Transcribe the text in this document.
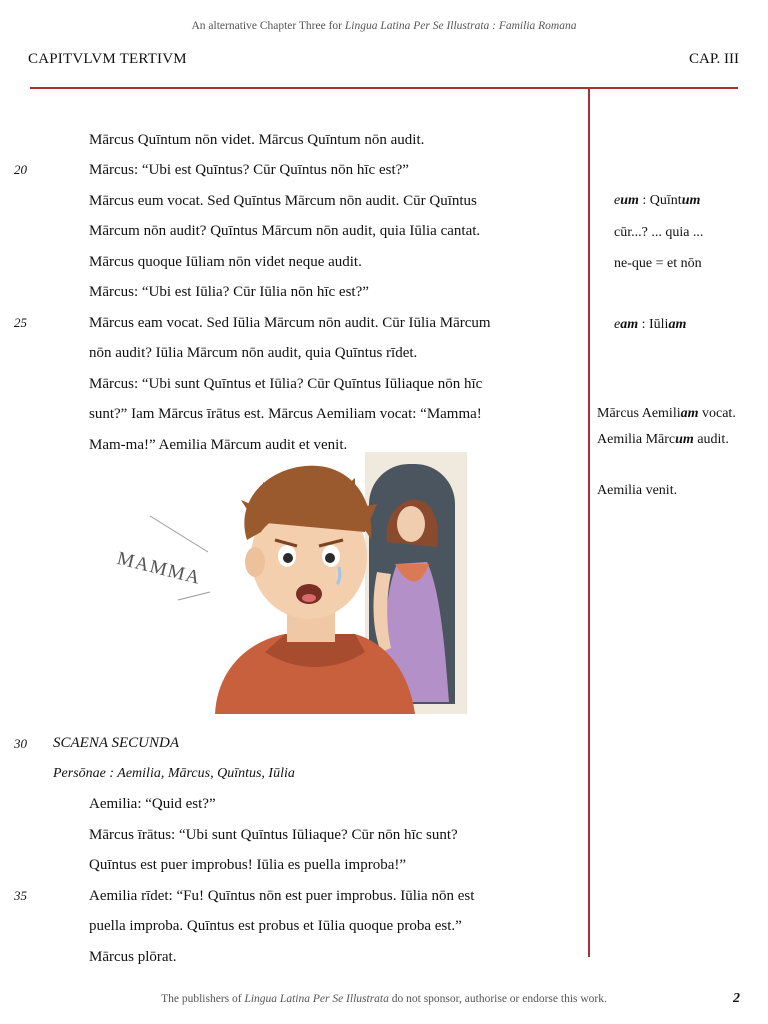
An alternative Chapter Three for Lingua Latina Per Se Illustrata : Familia Romana
CAPITVLVM TERTIVM	CAP. III
Mārcus Quīntum nōn videt. Mārcus Quīntum nōn audit.
20	Mārcus: “Ubi est Quīntus? Cūr Quīntus nōn hīc est?”
Mārcus eum vocat. Sed Quīntus Mārcum nōn audit. Cūr Quīntus
Mārcum nōn audit? Quīntus Mārcum nōn audit, quia Iūlia cantat.
Mārcus quoque Iūliam nōn videt neque audit.
Mārcus: “Ubi est Iūlia? Cūr Iūlia nōn hīc est?”
25	Mārcus eam vocat. Sed Iūlia Mārcum nōn audit. Cūr Iūlia Mārcum
nōn audit? Iūlia Mārcum nōn audit, quia Quīntus rīdet.
Mārcus: “Ubi sunt Quīntus et Iūlia? Cūr Quīntus Iūliaque nōn hīc
sunt?” Iam Mārcus īrātus est. Mārcus Aemiliam vocat: “Mamma!
Mam-ma!” Aemilia Mārcum audit et venit.
eum : Quīntum
cūr...? ... quia ...
ne-que = et nōn
eam : Iūliam
Mārcus Aemiliam vocat.
Aemilia Mārcum audit.
Aemilia venit.
MAMMA
30 SCAENA SECUNDA
Persōnae : Aemilia, Mārcus, Quīntus, Iūlia
Aemilia: “Quid est?”
Mārcus īrātus: “Ubi sunt Quīntus Iūliaque? Cūr nōn hīc sunt?
Quīntus est puer improbus! Iūlia es puella improba!”
35	Aemilia rīdet: “Fu! Quīntus nōn est puer improbus. Iūlia nōn est
puella improba. Quīntus est probus et Iūlia quoque proba est.”
Mārcus plōrat.
The publishers of Lingua Latina Per Se Illustrata do not sponsor, authorise or endorse this work.	2
